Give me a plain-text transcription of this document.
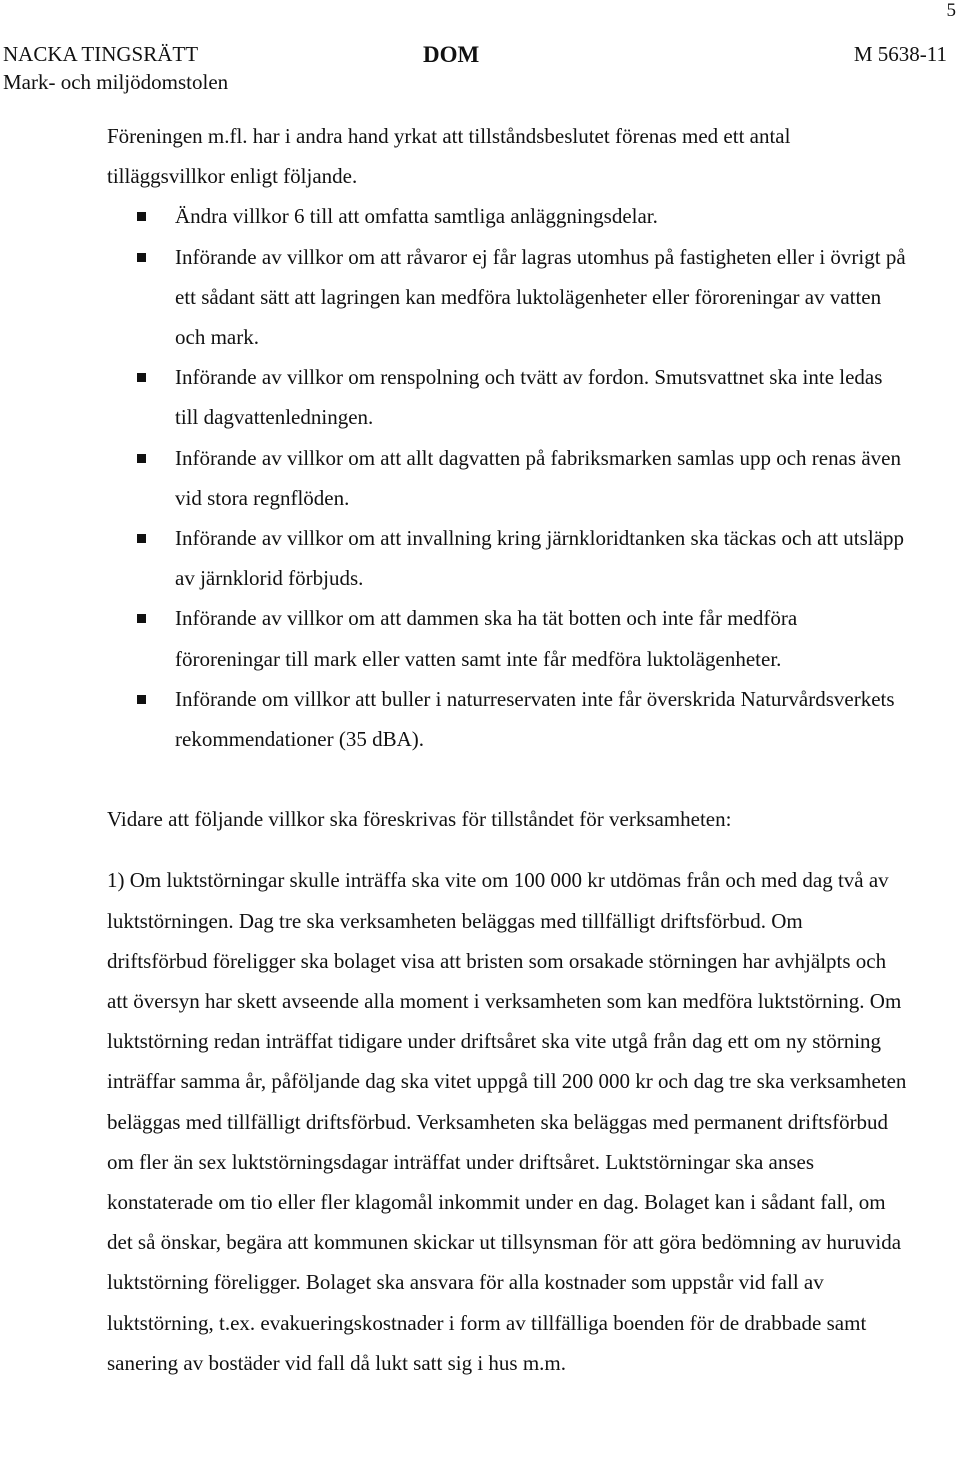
5
NACKA TINGSRÄTT
Mark- och miljödomstolen
DOM	M 5638-11

Föreningen m.fl. har i andra hand yrkat att tillståndsbeslutet förenas med ett antal tilläggsvillkor enligt följande.

Ändra villkor 6 till att omfatta samtliga anläggningsdelar.
Införande av villkor om att råvaror ej får lagras utomhus på fastigheten eller i övrigt på ett sådant sätt att lagringen kan medföra luktolägenheter eller föroreningar av vatten och mark.
Införande av villkor om renspolning och tvätt av fordon. Smutsvattnet ska inte ledas till dagvattenledningen.
Införande av villkor om att allt dagvatten på fabriksmarken samlas upp och renas även vid stora regnflöden.
Införande av villkor om att invallning kring järnkloridtanken ska täckas och att utsläpp av järnklorid förbjuds.
Införande av villkor om att dammen ska ha tät botten och inte får medföra föroreningar till mark eller vatten samt inte får medföra luktolägenheter.
Införande om villkor att buller i naturreservaten inte får överskrida Naturvårdsverkets rekommendationer (35 dBA).

Vidare att följande villkor ska föreskrivas för tillståndet för verksamheten:

1) Om luktstörningar skulle inträffa ska vite om 100 000 kr utdömas från och med dag två av luktstörningen. Dag tre ska verksamheten beläggas med tillfälligt driftsförbud. Om driftsförbud föreligger ska bolaget visa att bristen som orsakade störningen har avhjälpts och att översyn har skett avseende alla moment i verksamheten som kan medföra luktstörning. Om luktstörning redan inträffat tidigare under driftsåret ska vite utgå från dag ett om ny störning inträffar samma år, påföljande dag ska vitet uppgå till 200 000 kr och dag tre ska verksamheten beläggas med tillfälligt driftsförbud. Verksamheten ska beläggas med permanent driftsförbud om fler än sex luktstörningsdagar inträffat under driftsåret. Luktstörningar ska anses konstaterade om tio eller fler klagomål inkommit under en dag. Bolaget kan i sådant fall, om det så önskar, begära att kommunen skickar ut tillsynsman för att göra bedömning av huruvida luktstörning föreligger. Bolaget ska ansvara för alla kostnader som uppstår vid fall av luktstörning, t.ex. evakueringskostnader i form av tillfälliga boenden för de drabbade samt sanering av bostäder vid fall då lukt satt sig i hus m.m.
